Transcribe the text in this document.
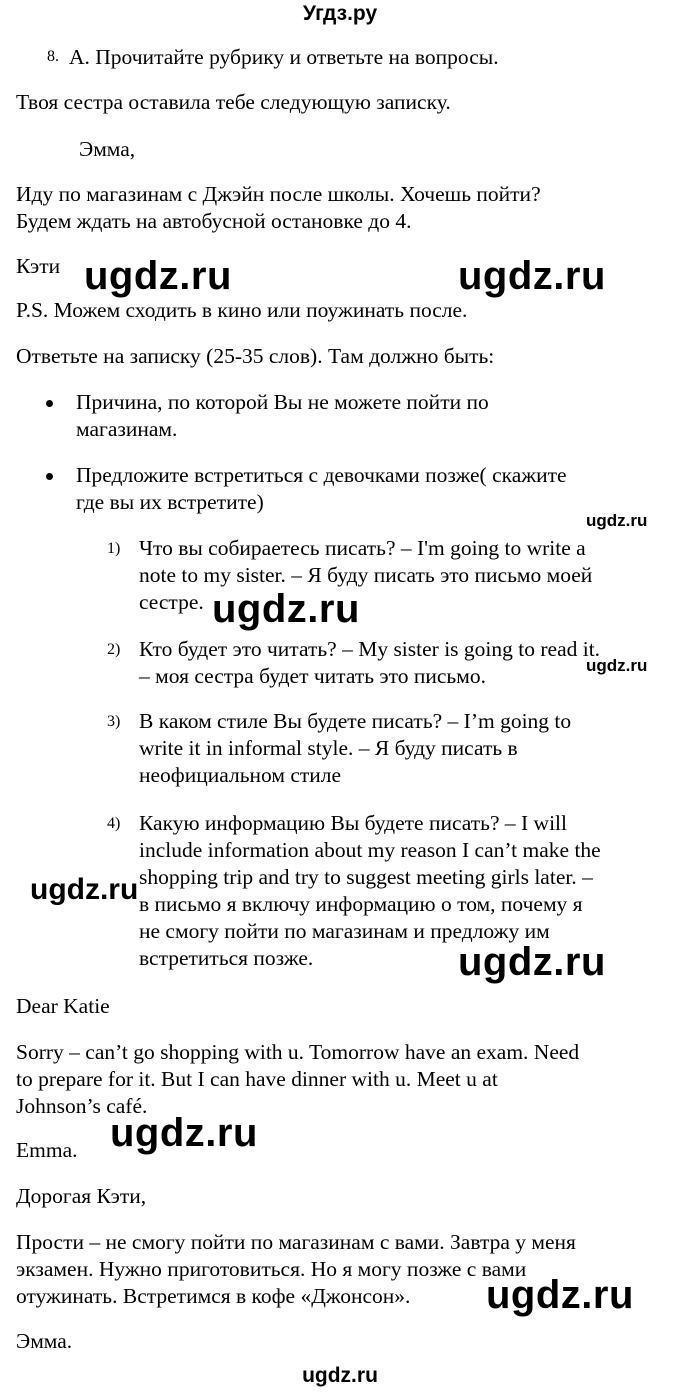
Угдз.ру
8. A. Прочитайте рубрику и ответьте на вопросы.
Твоя сестра оставила тебе следующую записку.
Эмма,
Иду по магазинам с Джэйн после школы. Хочешь пойти?
Будем ждать на автобусной остановке до 4.
Кэти
P.S. Можем сходить в кино или поужинать после.
Ответьте на записку (25-35 слов). Там должно быть:
Причина, по которой Вы не можете пойти по
магазинам.
Предложите встретиться с девочками позже( скажите
где вы их встретите)
1) Что вы собираетесь писать? – I'm going to write a
note to my sister. – Я буду писать это письмо моей
сестре.
2) Кто будет это читать? – My sister is going to read it.
– моя сестра будет читать это письмо.
3) В каком стиле Вы будете писать? – I’m going to
write it in informal style. – Я буду писать в
неофициальном стиле
4) Какую информацию Вы будете писать? – I will
include information about my reason I can’t make the
shopping trip and try to suggest meeting girls later. –
в письмо я включу информацию о том, почему я
не смогу пойти по магазинам и предложу им
встретиться позже.
Dear Katie
Sorry – can’t go shopping with u. Tomorrow have an exam. Need
to prepare for it. But I can have dinner with u. Meet u at
Johnson’s café.
Emma.
Дорогая Кэти,
Прости – не смогу пойти по магазинам с вами. Завтра у меня
экзамен. Нужно приготовиться. Но я могу позже с вами
отужинать. Встретимся в кофе «Джонсон».
Эмма.
ugdz.ru	ugdz.ru
ugdz.ru
ugdz.ru
ugdz.ru
ugdz.ru
ugdz.ru
ugdz.ru
ugdz.ru
ugdz.ru
